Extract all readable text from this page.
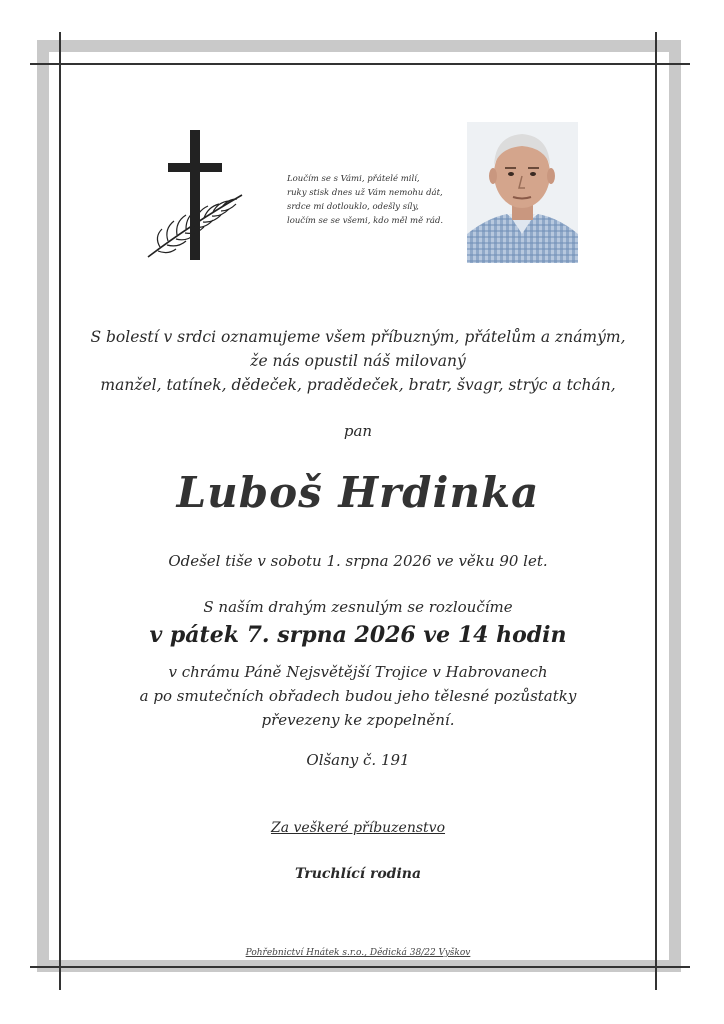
Loučím se s Vámi, přátelé milí,
ruky stisk dnes už Vám nemohu dát,
srdce mi dotlouklo, odešly síly,
loučím se se všemi, kdo měl mě rád.
S bolestí v srdci oznamujeme všem příbuzným, přátelům a známým,
že nás opustil náš milovaný
manžel, tatínek, dědeček, pradědeček, bratr, švagr, strýc a tchán,
pan
Luboš Hrdinka
Odešel tiše v sobotu 1. srpna 2026 ve věku 90 let.
S naším drahým zesnulým se rozloučíme
v pátek 7. srpna 2026 ve 14 hodin
v chrámu Páně Nejsvětější Trojice v Habrovanech
a po smutečních obřadech budou jeho tělesné pozůstatky
převezeny ke zpopelnění.
Olšany č. 191
Za veškeré příbuzenstvo
Truchlící rodina
Pohřebnictví Hnátek s.r.o., Dědická 38/22 Vyškov
